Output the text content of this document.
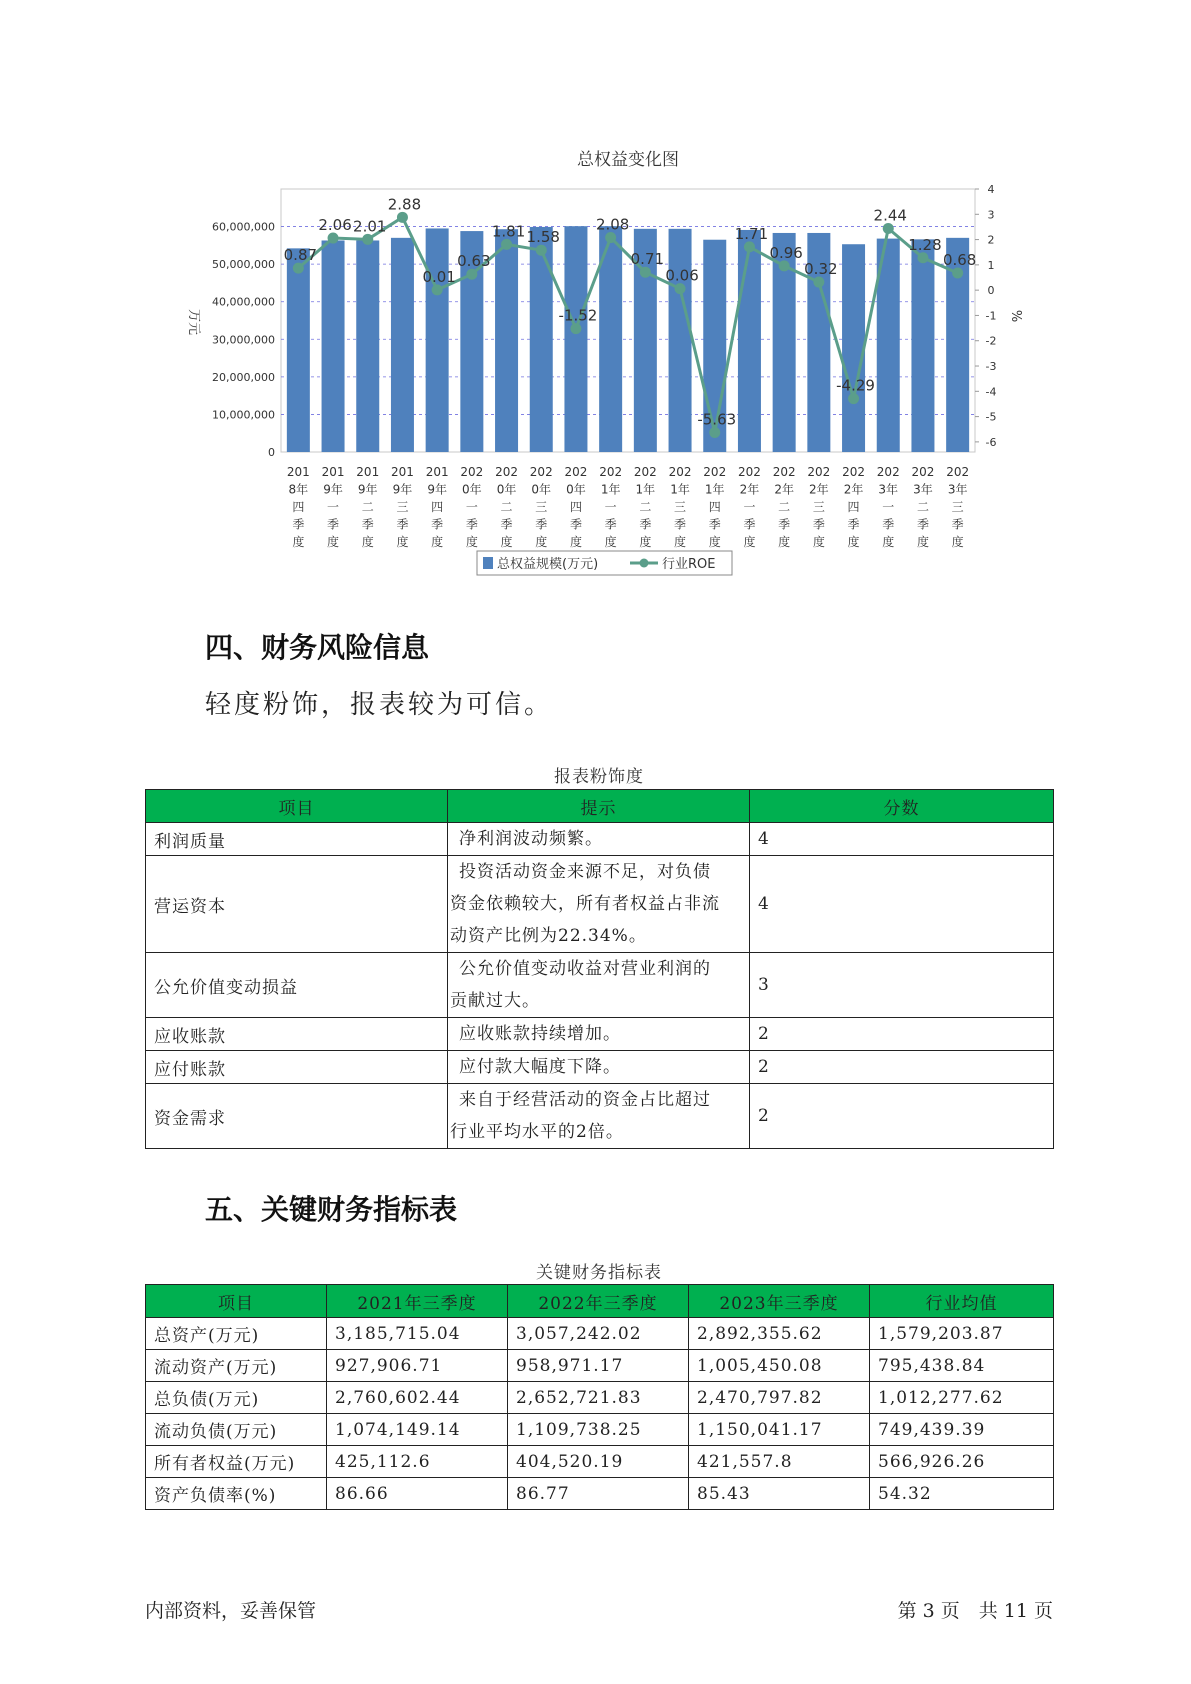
总权益变化图
0
10,000,000
20,000,000
30,000,000
40,000,000
50,000,000
60,000,000
万元
4
3
2
1
0
-1
-2
-3
-4
-5
-6
%
201
8年
四
季
度
201
9年
一
季
度
201
9年
二
季
度
201
9年
三
季
度
201
9年
四
季
度
202
0年
一
季
度
202
0年
二
季
度
202
0年
三
季
度
202
0年
四
季
度
202
1年
一
季
度
202
1年
二
季
度
202
1年
三
季
度
202
1年
四
季
度
202
2年
一
季
度
202
2年
二
季
度
202
2年
三
季
度
202
2年
四
季
度
202
3年
一
季
度
202
3年
二
季
度
202
3年
三
季
度
0.87
2.06 2.01
2.88
0.01
0.63
1.81 1.58
-1.52
2.08
0.71
0.06
-5.63
1.71
0.96
0.32
-4.29
2.44
1.28
0.68
总权益规模(万元)	行业ROE
四、财务风险信息
轻度粉饰，报表较为可信。
报表粉饰度
项目	提示	分数
利润质量	净利润波动频繁。	4
营运资本	投资活动资金来源不足，对负债
资金依赖较大，所有者权益占非流
动资产比例为22.34%。	4
公允价值变动损益	公允价值变动收益对营业利润的
贡献过大。	3
应收账款	应收账款持续增加。	2
应付账款	应付款大幅度下降。	2
资金需求	来自于经营活动的资金占比超过
行业平均水平的2倍。	2
五、关键财务指标表
关键财务指标表
项目	2021年三季度	2022年三季度	2023年三季度	行业均值
总资产(万元)	3,185,715.04	3,057,242.02	2,892,355.62	1,579,203.87
流动资产(万元)	927,906.71	958,971.17	1,005,450.08	795,438.84
总负债(万元)	2,760,602.44	2,652,721.83	2,470,797.82	1,012,277.62
流动负债(万元)	1,074,149.14	1,109,738.25	1,150,041.17	749,439.39
所有者权益(万元)	425,112.6	404,520.19	421,557.8	566,926.26
资产负债率(%)	86.66	86.77	85.43	54.32
内部资料，妥善保管	第 3 页　共 11 页
